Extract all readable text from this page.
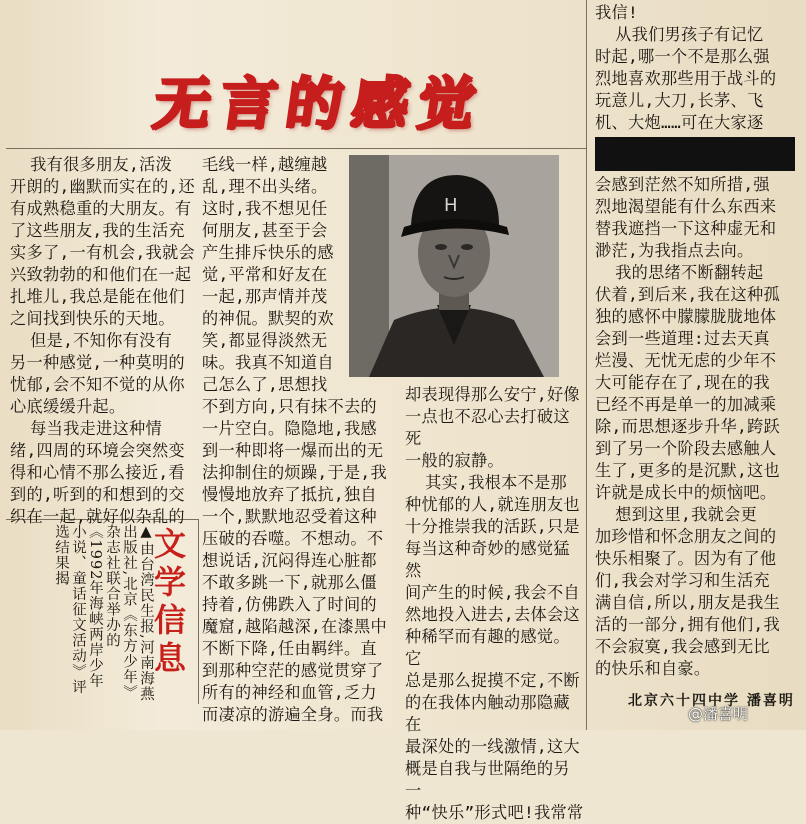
无言的感觉
我有很多朋友,活泼
开朗的,幽默而实在的,还
有成熟稳重的大朋友。有
了这些朋友,我的生活充
实多了,一有机会,我就会
兴致勃勃的和他们在一起
扎堆儿,我总是能在他们
之间找到快乐的天地。
但是,不知你有没有
另一种感觉,一种莫明的
忧郁,会不知不觉的从你
心底缓缓升起。
每当我走进这种情
绪,四周的环境会突然变
得和心情不那么接近,看
到的,听到的和想到的交
织在一起,就好似杂乱的
毛线一样,越缠越
乱,理不出头绪。
这时,我不想见任
何朋友,甚至于会
产生排斥快乐的感
觉,平常和好友在
一起,那声情并茂
的神侃。默契的欢
笑,都显得淡然无
味。我真不知道自
己怎么了,思想找
不到方向,只有抹不去的
一片空白。隐隐地,我感
到一种即将一爆而出的无
法抑制住的烦躁,于是,我
慢慢地放弃了抵抗,独自
一个,默默地忍受着这种
压破的吞噬。不想动。不
想说话,沉闷得连心脏都
不敢多跳一下,就那么僵
持着,仿佛跌入了时间的
魔窟,越陷越深,在漆黑中
不断下降,任由羁绊。直
到那种空茫的感觉贯穿了
所有的神经和血管,乏力
而凄凉的游遍全身。而我
H
却表现得那么安宁,好像
一点也不忍心去打破这死
一般的寂静。
其实,我根本不是那
种忧郁的人,就连朋友也
十分推崇我的活跃,只是
每当这种奇妙的感觉猛然
间产生的时候,我会不自
然地投入进去,去体会这
种稀罕而有趣的感觉。它
总是那么捉摸不定,不断
的在我体内触动那隐藏在
最深处的一线激情,这大
概是自我与世隔绝的另一
种“快乐”形式吧!我常常
我信!
从我们男孩子有记忆
时起,哪一个不是那么强
烈地喜欢那些用于战斗的
玩意儿,大刀,长茅、飞
机、大炮……可在大家逐
会感到茫然不知所措,强
烈地渴望能有什么东西来
替我遮挡一下这种虚无和
渺茫,为我指点去向。
我的思绪不断翻转起
伏着,到后来,我在这种孤
独的感怀中朦朦胧胧地体
会到一些道理:过去天真
烂漫、无忧无虑的少年不
大可能存在了,现在的我
已经不再是单一的加减乘
除,而思想逐步升华,跨跃
到了另一个阶段去感触人
生了,更多的是沉默,这也
许就是成长中的烦恼吧。
想到这里,我就会更
加珍惜和怀念朋友之间的
快乐相聚了。因为有了他
们,我会对学习和生活充
满自信,所以,朋友是我生
活的一部分,拥有他们,我
不会寂寞,我会感到无比
的快乐和自豪。
▲由台湾民生报,河南海燕出版社,北京《东方少年》杂志社联合举办的《1992年海峡两岸少年小说、童话征文活动》评选结果揭	文学信息
北京六十四中学 潘喜明
@潘喜明
